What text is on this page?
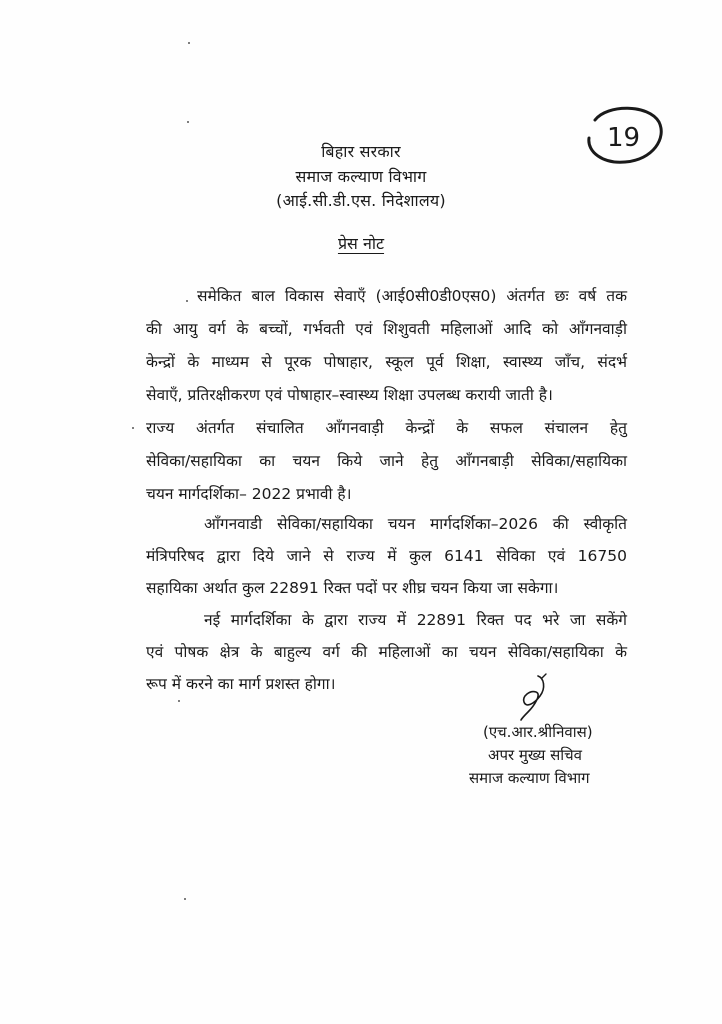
19
बिहार सरकार
समाज कल्याण विभाग
(आई.सी.डी.एस. निदेशालय)
प्रेस नोट
समेकित बाल विकास सेवाएँ (आई0सी0डी0एस0) अंतर्गत छः वर्ष तक
की आयु वर्ग के बच्चों, गर्भवती एवं शिशुवती महिलाओं आदि को आँगनवाड़ी
केन्द्रों के माध्यम से पूरक पोषाहार, स्कूल पूर्व शिक्षा, स्वास्थ्य जाँच, संदर्भ
सेवाएँ, प्रतिरक्षीकरण एवं पोषाहार–स्वास्थ्य शिक्षा उपलब्ध करायी जाती है।
राज्य अंतर्गत संचालित आँगनवाड़ी केन्द्रों के सफल संचालन हेतु
सेविका/सहायिका का चयन किये जाने हेतु आँगनबाड़ी सेविका/सहायिका
चयन मार्गदर्शिका– 2022 प्रभावी है।
आँगनवाडी सेविका/सहायिका चयन मार्गदर्शिका–2026 की स्वीकृति
मंत्रिपरिषद द्वारा दिये जाने से राज्य में कुल 6141 सेविका एवं 16750
सहायिका अर्थात कुल 22891 रिक्त पदों पर शीघ्र चयन किया जा सकेगा।
नई मार्गदर्शिका के द्वारा राज्य में 22891 रिक्त पद भरे जा सकेंगे
एवं पोषक क्षेत्र के बाहुल्य वर्ग की महिलाओं का चयन सेविका/सहायिका के
रूप में करने का मार्ग प्रशस्त होगा।
(एच.आर.श्रीनिवास)
अपर मुख्य सचिव
समाज कल्याण विभाग
